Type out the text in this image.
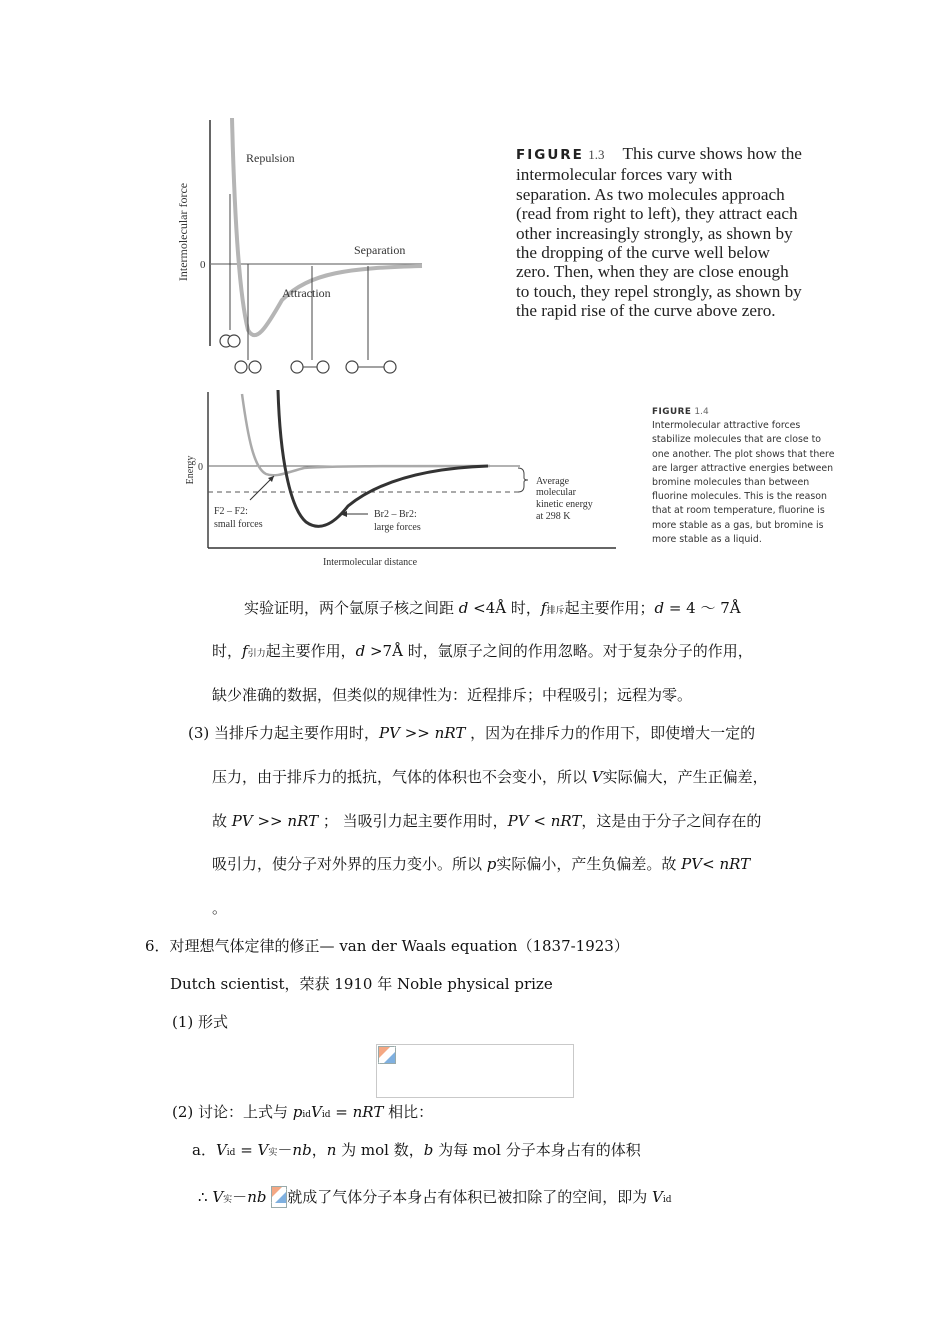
Intermolecular force 0
Repulsion
Separation
Attraction
FIGURE 1.3 This curve shows how the intermolecular forces vary with separation. As two molecules approach (read from right to left), they attract each other increasingly strongly, as shown by the dropping of the curve well below zero. Then, when they are close enough to touch, they repel strongly, as shown by the rapid rise of the curve above zero.
Energy 0
Intermolecular distance
Average
molecular
kinetic energy
at 298 K
F2 – F2:
small forces
Br2 – Br2:
large forces
FIGURE 1.4
Intermolecular attractive forces stabilize molecules that are close to one another. The plot shows that there are larger attractive energies between bromine molecules than between fluorine molecules. This is the reason that at room temperature, fluorine is more stable as a gas, but bromine is more stable as a liquid.
实验证明，两个氩原子核之间距 d <4Å 时，f排斥起主要作用；d = 4 ～ 7Å
时，f引力起主要作用，d >7Å 时，氩原子之间的作用忽略。对于复杂分子的作用，
缺少准确的数据，但类似的规律性为：近程排斥；中程吸引；远程为零。
(3) 当排斥力起主要作用时，PV >> nRT ，因为在排斥力的作用下，即使增大一定的
压力，由于排斥力的抵抗，气体的体积也不会变小，所以 V实际偏大，产生正偏差，
故 PV >> nRT ； 当吸引力起主要作用时，PV < nRT，这是由于分子之间存在的
吸引力，使分子对外界的压力变小。所以 p实际偏小，产生负偏差。故 PV< nRT
。
6．对理想气体定律的修正— van der Waals equation（1837-1923）
Dutch scientist，荣获 1910 年 Noble physical prize
(1) 形式
(2) 讨论：上式与 pidVid = nRT 相比：
a．Vid = V实－nb，n 为 mol 数，b 为每 mol 分子本身占有的体积
∴ V实－nb 就成了气体分子本身占有体积已被扣除了的空间，即为 Vid
